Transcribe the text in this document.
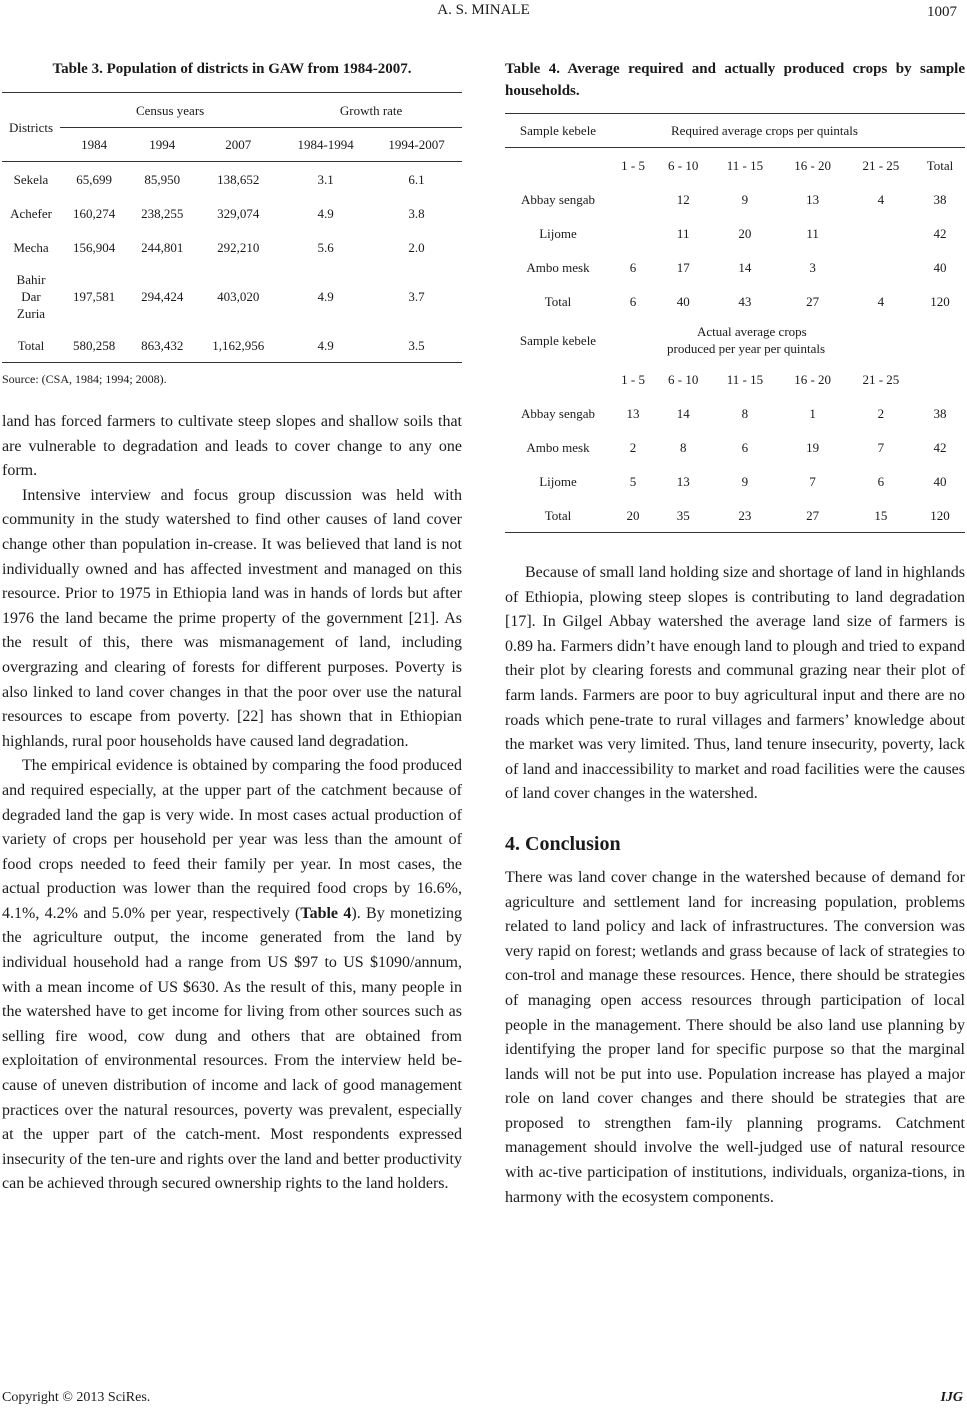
A. S. MINALE	1007
Table 3. Population of districts in GAW from 1984-2007.
Districts	Census years			Growth rate	
	1984	1994	2007	1984-1994	1994-2007
Sekela	65,699	85,950	138,652	3.1	6.1
Achefer	160,274	238,255	329,074	4.9	3.8
Mecha	156,904	244,801	292,210	5.6	2.0
Bahir Dar Zuria	197,581	294,424	403,020	4.9	3.7
Total	580,258	863,432	1,162,956	4.9	3.5
Source: (CSA, 1984; 1994; 2008).

land has forced farmers to cultivate steep slopes and shallow soils that are vulnerable to degradation and leads to cover change to any one form.

Intensive interview and focus group discussion was held with community in the study watershed to find other causes of land cover change other than population in-crease. It was believed that land is not individually owned and has affected investment and managed on this resource. Prior to 1975 in Ethiopia land was in hands of lords but after 1976 the land became the prime property of the government [21]. As the result of this, there was mismanagement of land, including overgrazing and clearing of forests for different purposes. Poverty is also linked to land cover changes in that the poor over use the natural resources to escape from poverty. [22] has shown that in Ethiopian highlands, rural poor households have caused land degradation.

The empirical evidence is obtained by comparing the food produced and required especially, at the upper part of the catchment because of degraded land the gap is very wide. In most cases actual production of variety of crops per household per year was less than the amount of food crops needed to feed their family per year. In most cases, the actual production was lower than the required food crops by 16.6%, 4.1%, 4.2% and 5.0% per year, respectively (Table 4). By monetizing the agriculture output, the income generated from the land by individual household had a range from US $97 to US $1090/annum, with a mean income of US $630. As the result of this, many people in the watershed have to get income for living from other sources such as selling fire wood, cow dung and others that are obtained from exploitation of environmental resources. From the interview held be-cause of uneven distribution of income and lack of good management practices over the natural resources, poverty was prevalent, especially at the upper part of the catch-ment. Most respondents expressed insecurity of the ten-ure and rights over the land and better productivity can be achieved through secured ownership rights to the land holders.

Table 4. Average required and actually produced crops by sample households.
Sample kebele	Required average crops per quintals					
	1 - 5	6 - 10	11 - 15	16 - 20	21 - 25	Total
Abbay sengab		12	9	13	4	38
Lijome		11	20	11		42
Ambo mesk	6	17	14	3		40
Total	6	40	43	27	4	120
Sample kebele	Actual average crops
produced per year per quintals					

	1 - 5	6 - 10	11 - 15	16 - 20	21 - 25	
Abbay sengab	13	14	8	1	2	38
Ambo mesk	2	8	6	19	7	42
Lijome	5	13	9	7	6	40
Total	20	35	23	27	15	120

Because of small land holding size and shortage of land in highlands of Ethiopia, plowing steep slopes is contributing to land degradation [17]. In Gilgel Abbay watershed the average land size of farmers is 0.89 ha. Farmers didn’t have enough land to plough and tried to expand their plot by clearing forests and communal grazing near their plot of farm lands. Farmers are poor to buy agricultural input and there are no roads which pene-trate to rural villages and farmers’ knowledge about the market was very limited. Thus, land tenure insecurity, poverty, lack of land and inaccessibility to market and road facilities were the causes of land cover changes in the watershed.

4. Conclusion

There was land cover change in the watershed because of demand for agriculture and settlement land for increasing population, problems related to land policy and lack of infrastructures. The conversion was very rapid on forest; wetlands and grass because of lack of strategies to con-trol and manage these resources. Hence, there should be strategies of managing open access resources through participation of local people in the management. There should be also land use planning by identifying the proper land for specific purpose so that the marginal lands will not be put into use. Population increase has played a major role on land cover changes and there should be strategies that are proposed to strengthen fam-ily planning programs. Catchment management should involve the well-judged use of natural resource with ac-tive participation of institutions, individuals, organiza-tions, in harmony with the ecosystem components.

Copyright © 2013 SciRes.	IJG
